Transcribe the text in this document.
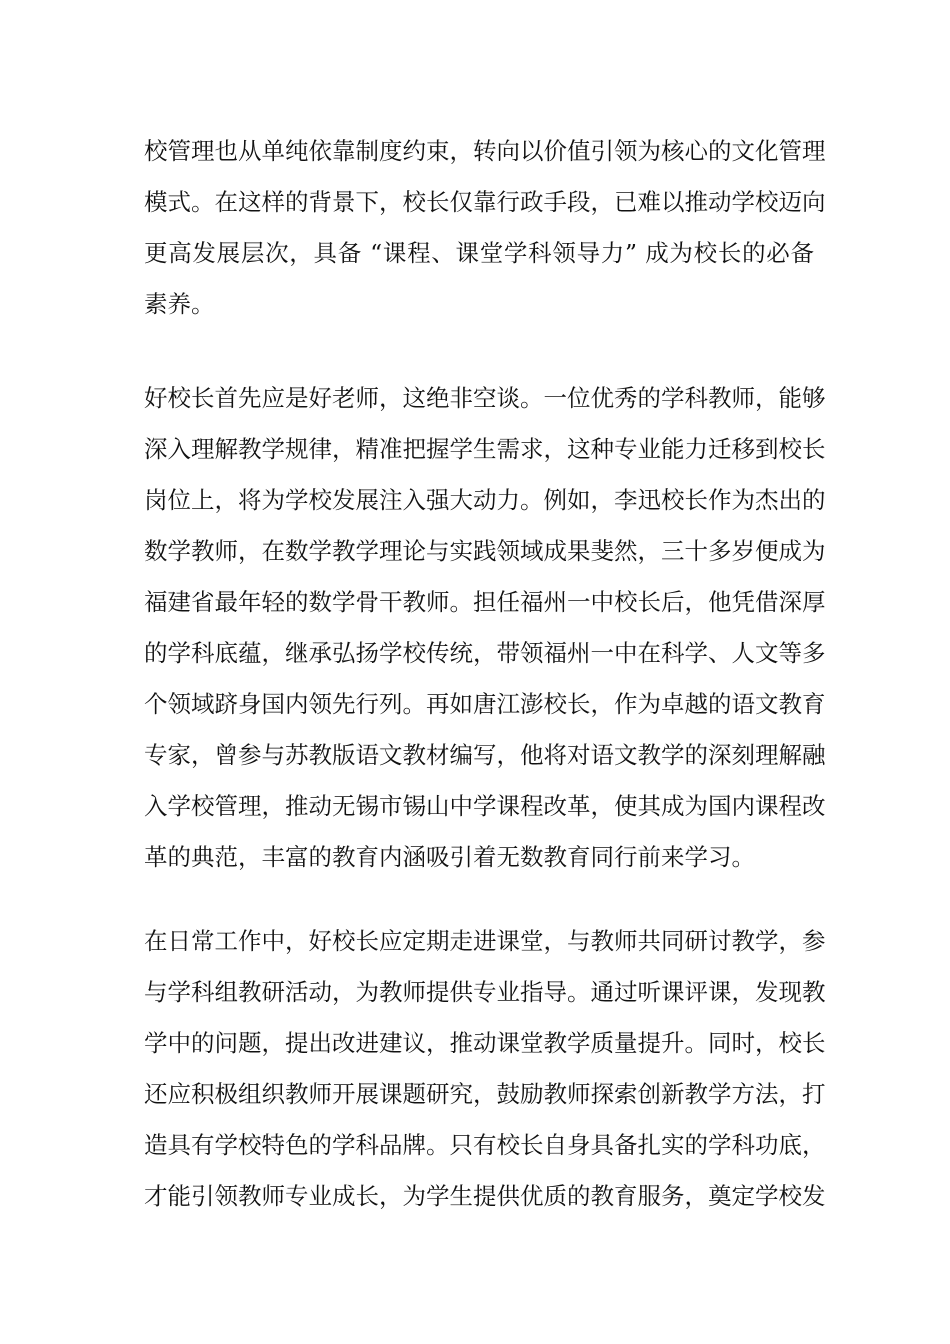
校管理也从单纯依靠制度约束，转向以价值引领为核心的文化管理
模式。在这样的背景下，校长仅靠行政手段，已难以推动学校迈向
更高发展层次，具备 “课程、课堂学科领导力” 成为校长的必备
素养。
好校长首先应是好老师，这绝非空谈。一位优秀的学科教师，能够
深入理解教学规律，精准把握学生需求，这种专业能力迁移到校长
岗位上，将为学校发展注入强大动力。例如，李迅校长作为杰出的
数学教师，在数学教学理论与实践领域成果斐然，三十多岁便成为
福建省最年轻的数学骨干教师。担任福州一中校长后，他凭借深厚
的学科底蕴，继承弘扬学校传统，带领福州一中在科学、人文等多
个领域跻身国内领先行列。再如唐江澎校长，作为卓越的语文教育
专家，曾参与苏教版语文教材编写，他将对语文教学的深刻理解融
入学校管理，推动无锡市锡山中学课程改革，使其成为国内课程改
革的典范，丰富的教育内涵吸引着无数教育同行前来学习。
在日常工作中，好校长应定期走进课堂，与教师共同研讨教学，参
与学科组教研活动，为教师提供专业指导。通过听课评课，发现教
学中的问题，提出改进建议，推动课堂教学质量提升。同时，校长
还应积极组织教师开展课题研究，鼓励教师探索创新教学方法，打
造具有学校特色的学科品牌。只有校长自身具备扎实的学科功底，
才能引领教师专业成长，为学生提供优质的教育服务，奠定学校发
